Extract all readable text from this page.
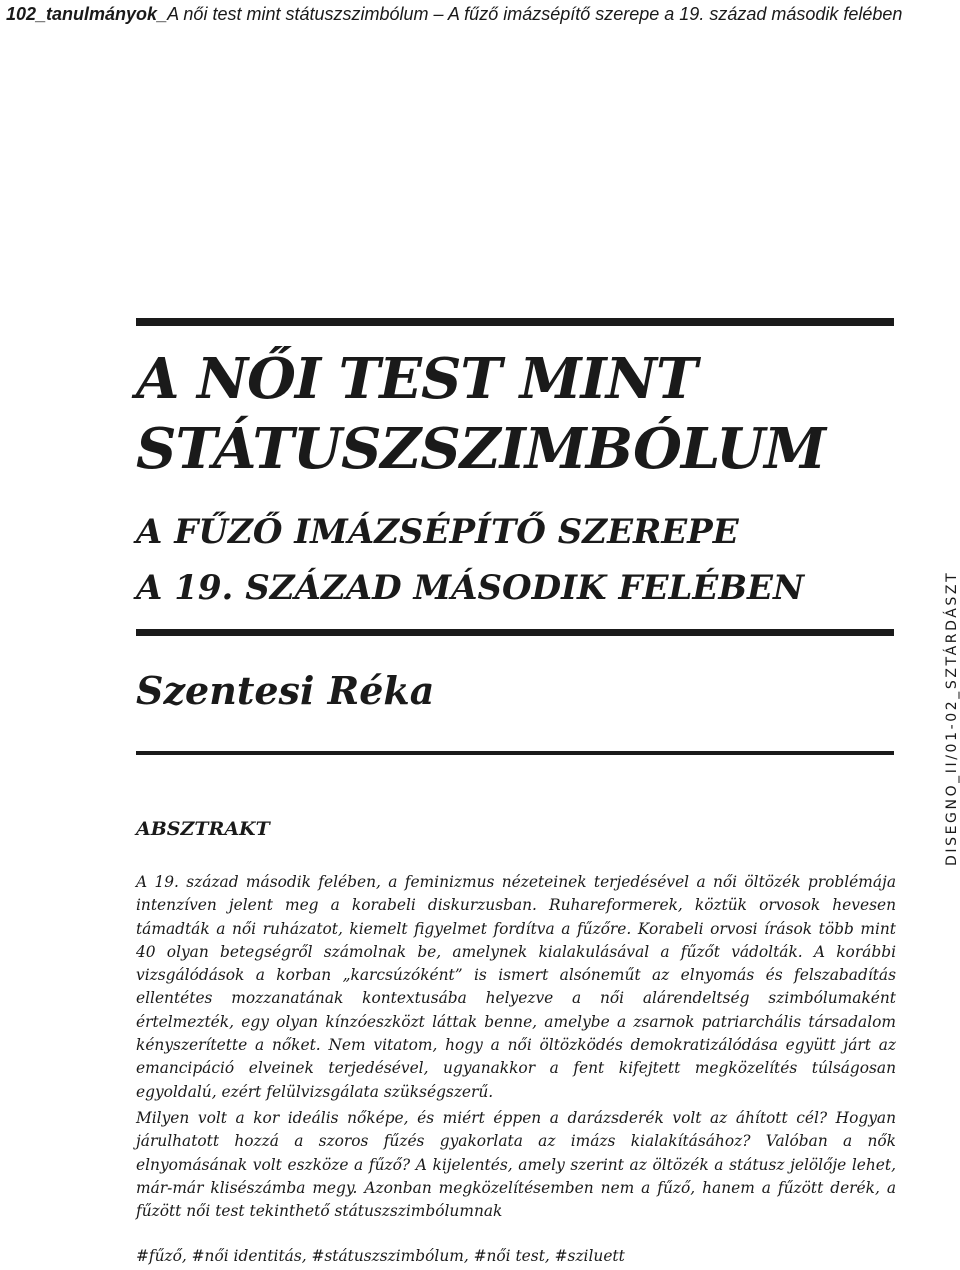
102_tanulmányok_A női test mint státuszszimbólum – A fűző imázsépítő szerepe a 19. század második felében
A NŐI TEST MINT
STÁTUSZSZIMBÓLUM
A FŰZŐ IMÁZSÉPÍTŐ SZEREPE
A 19. SZÁZAD MÁSODIK FELÉBEN
Szentesi Réka	DISEGNO_II/01-02_SZTÁRDÁSZT
ABSZTRAKT

A 19. század második felében, a feminizmus nézeteinek terjedésével a női öltözék problémája intenzíven jelent meg a korabeli diskurzusban. Ruhareformerek, köztük orvosok hevesen támadták a női ruházatot, kiemelt figyelmet fordítva a fűzőre. Korabeli orvosi írások több mint 40 olyan betegségről számolnak be, amelynek kialakulásával a fűzőt vádolták. A korábbi vizsgálódások a korban „karcsúzóként” is ismert alsóneműt az elnyomás és felszabadítás ellentétes mozzanatának kontextusába helyezve a női alárendeltség szimbólumaként értelmezték, egy olyan kínzóeszközt láttak benne, amelybe a zsarnok patriarchális társadalom kényszerítette a nőket. Nem vitatom, hogy a női öltözködés demokratizálódása együtt járt az emancipáció elveinek terjedésével, ugyanakkor a fent kifejtett megközelítés túlságosan egyoldalú, ezért felülvizsgálata szükségszerű.

Milyen volt a kor ideális nőképe, és miért éppen a darázsderék volt az áhított cél? Hogyan járulhatott hozzá a szoros fűzés gyakorlata az imázs kialakításához? Valóban a nők elnyomásának volt eszköze a fűző? A kijelentés, amely szerint az öltözék a státusz jelölője lehet, már-már klisészámba megy. Azonban megközelítésemben nem a fűző, hanem a fűzött derék, a fűzött női test tekinthető státuszszimbólumnak

#fűző, #női identitás, #státuszszimbólum, #női test, #sziluett
